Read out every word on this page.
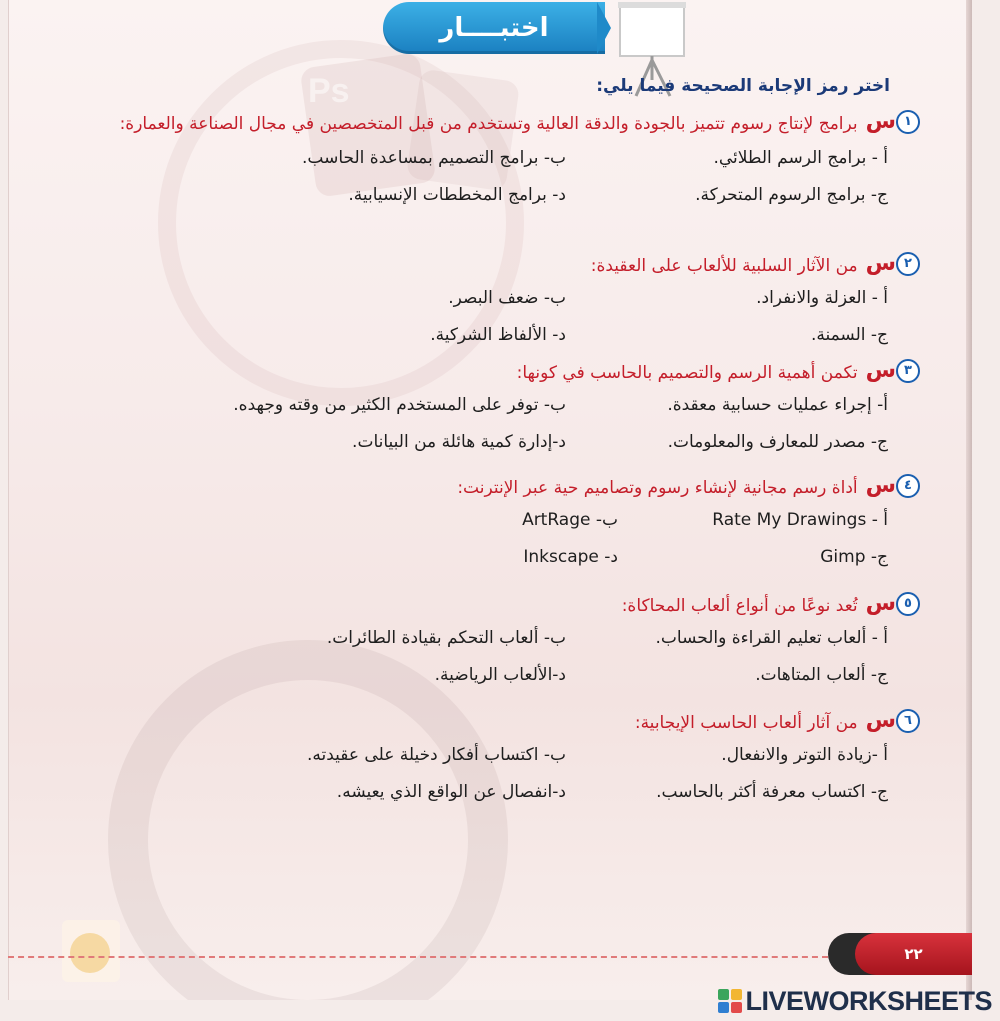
Ps
اختبــــار
اختر رمز الإجابة الصحيحة فيما يلي:
١
س
برامج لإنتاج رسوم تتميز بالجودة والدقة العالية وتستخدم من قبل المتخصصين في مجال الصناعة والعمارة:
أ - برامج الرسم الطلائي.
ب- برامج التصميم بمساعدة الحاسب.
ج- برامج الرسوم المتحركة.
د- برامج المخططات الإنسيابية.
٢
س
من الآثار السلبية للألعاب على العقيدة:
أ - العزلة والانفراد.
ب- ضعف البصر.
ج- السمنة.
د- الألفاظ الشركية.
٣
س
تكمن أهمية الرسم والتصميم بالحاسب في كونها:
أ- إجراء عمليات حسابية معقدة.
ب- توفر على المستخدم الكثير من وقته وجهده.
ج- مصدر للمعارف والمعلومات.
د-إدارة كمية هائلة من البيانات.
٤
س
أداة رسم مجانية لإنشاء رسوم وتصاميم حية عبر الإنترنت:
أ - Rate My Drawings
ب- ArtRage
ج- Gimp
د- Inkscape
٥
س
تُعد نوعًا من أنواع ألعاب المحاكاة:
أ - ألعاب تعليم القراءة والحساب.
ب- ألعاب التحكم بقيادة الطائرات.
ج- ألعاب المتاهات.
د-الألعاب الرياضية.
٦
س
من آثار ألعاب الحاسب الإيجابية:
أ -زيادة التوتر والانفعال.
ب- اكتساب أفكار دخيلة على عقيدته.
ج- اكتساب معرفة أكثر بالحاسب.
د-انفصال عن الواقع الذي يعيشه.
٢٢
LIVEWORKSHEETS
